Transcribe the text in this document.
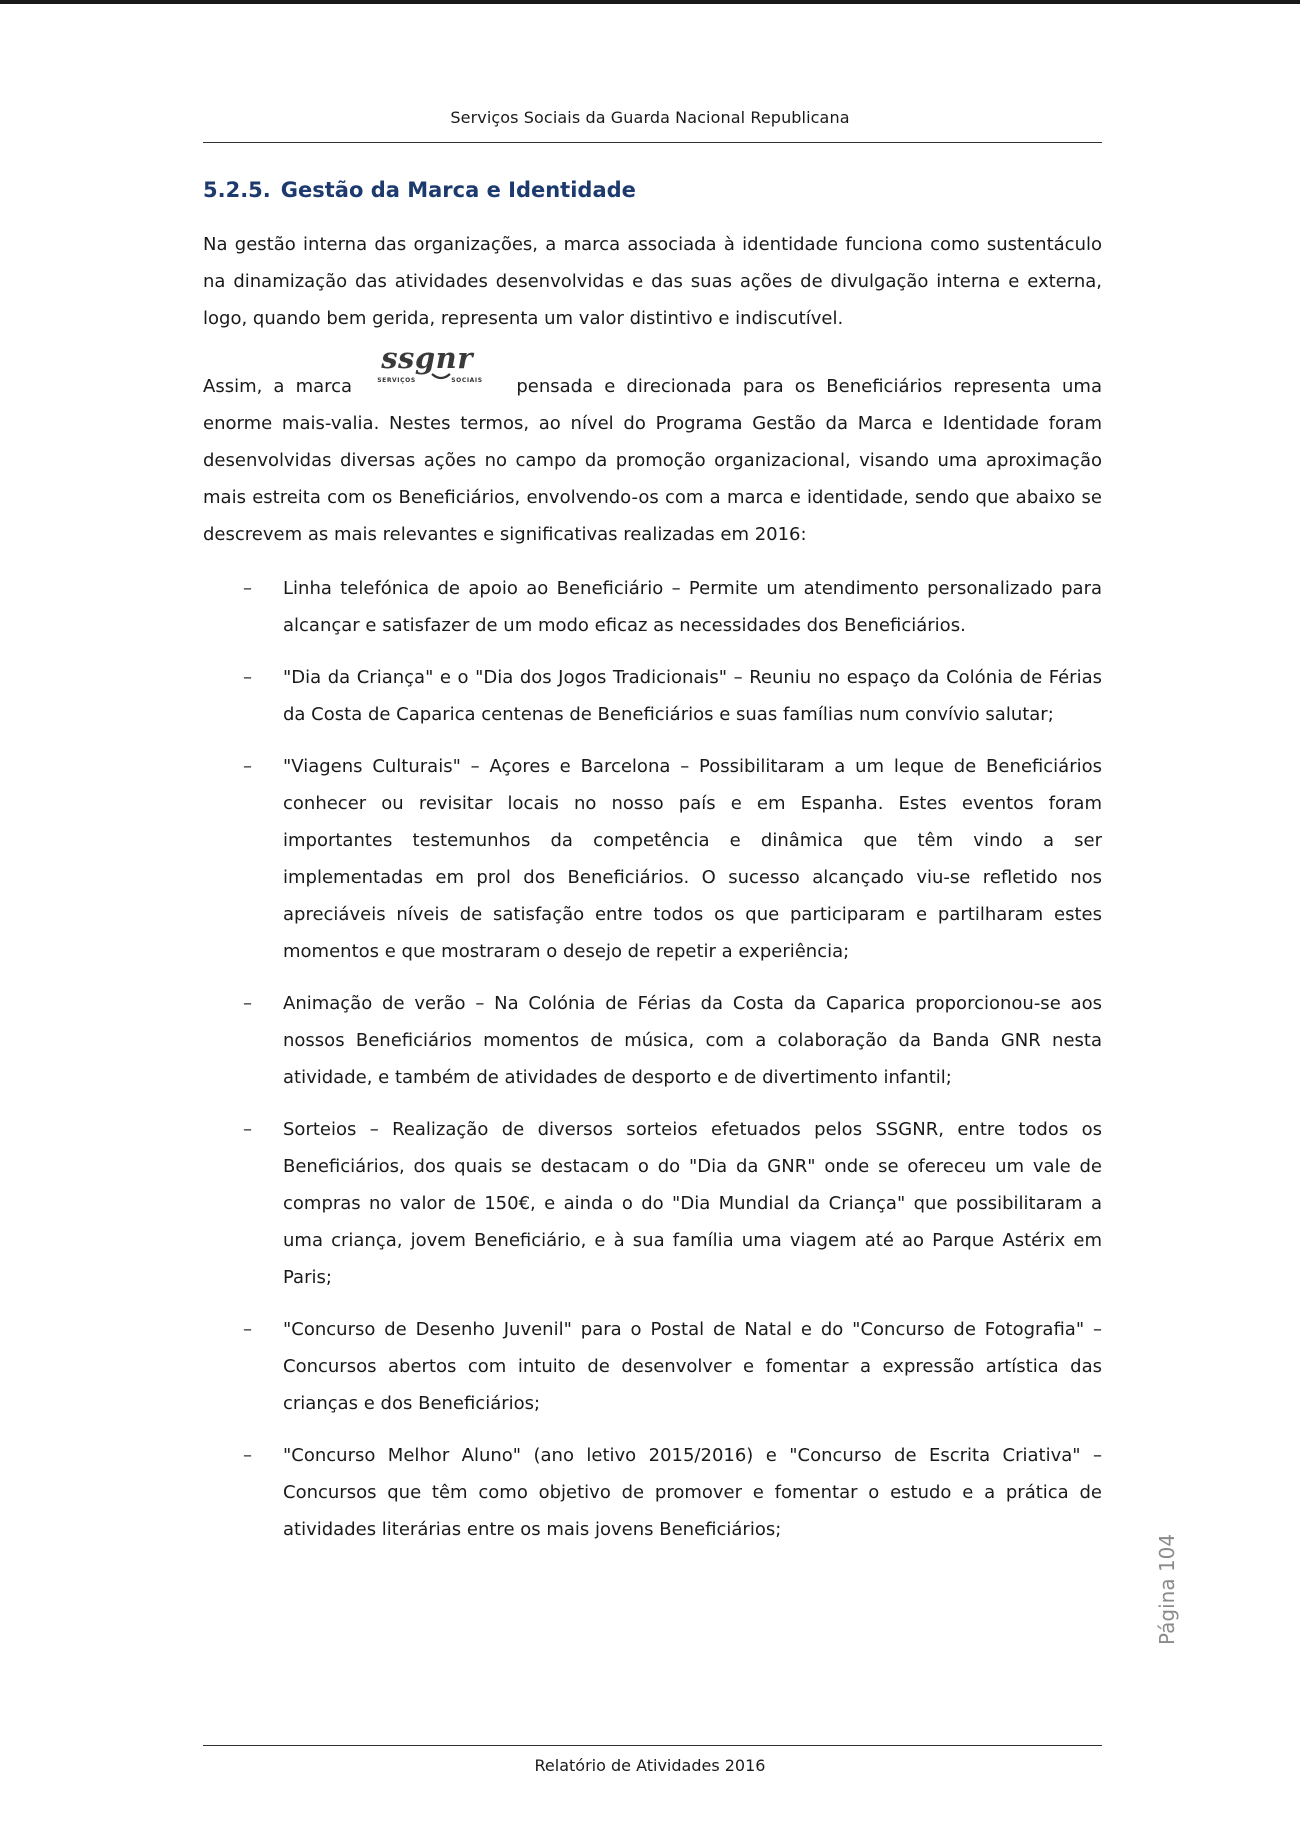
Serviços Sociais da Guarda Nacional Republicana
5.2.5. Gestão da Marca e Identidade

Na gestão interna das organizações, a marca associada à identidade funciona como sustentáculo na dinamização das atividades desenvolvidas e das suas ações de divulgação interna e externa, logo, quando bem gerida, representa um valor distintivo e indiscutível.

Assim, a marca
ssgnr
SERVIÇOS	SOCIAIS pensada e direcionada para os Beneficiários representa uma enorme mais-valia. Nestes termos, ao nível do Programa Gestão da Marca e Identidade foram desenvolvidas diversas ações no campo da promoção organizacional, visando uma aproximação mais estreita com os Beneficiários, envolvendo-os com a marca e identidade, sendo que abaixo se descrevem as mais relevantes e significativas realizadas em 2016:

– Linha telefónica de apoio ao Beneficiário – Permite um atendimento personalizado para alcançar e satisfazer de um modo eficaz as necessidades dos Beneficiários.

– "Dia da Criança" e o "Dia dos Jogos Tradicionais" – Reuniu no espaço da Colónia de Férias da Costa de Caparica centenas de Beneficiários e suas famílias num convívio salutar;

– "Viagens Culturais" – Açores e Barcelona – Possibilitaram a um leque de Beneficiários conhecer ou revisitar locais no nosso país e em Espanha. Estes eventos foram importantes testemunhos da competência e dinâmica que têm vindo a ser implementadas em prol dos Beneficiários. O sucesso alcançado viu-se refletido nos apreciáveis níveis de satisfação entre todos os que participaram e partilharam estes momentos e que mostraram o desejo de repetir a experiência;

– Animação de verão – Na Colónia de Férias da Costa da Caparica proporcionou-se aos nossos Beneficiários momentos de música, com a colaboração da Banda GNR nesta atividade, e também de atividades de desporto e de divertimento infantil;

– Sorteios – Realização de diversos sorteios efetuados pelos SSGNR, entre todos os Beneficiários, dos quais se destacam o do "Dia da GNR" onde se ofereceu um vale de compras no valor de 150€, e ainda o do "Dia Mundial da Criança" que possibilitaram a uma criança, jovem Beneficiário, e à sua família uma viagem até ao Parque Astérix em Paris;

– "Concurso de Desenho Juvenil" para o Postal de Natal e do "Concurso de Fotografia" – Concursos abertos com intuito de desenvolver e fomentar a expressão artística das crianças e dos Beneficiários;

– "Concurso Melhor Aluno" (ano letivo 2015/2016) e "Concurso de Escrita Criativa" – Concursos que têm como objetivo de promover e fomentar o estudo e a prática de atividades literárias entre os mais jovens Beneficiários;

Página 104
Relatório de Atividades 2016
